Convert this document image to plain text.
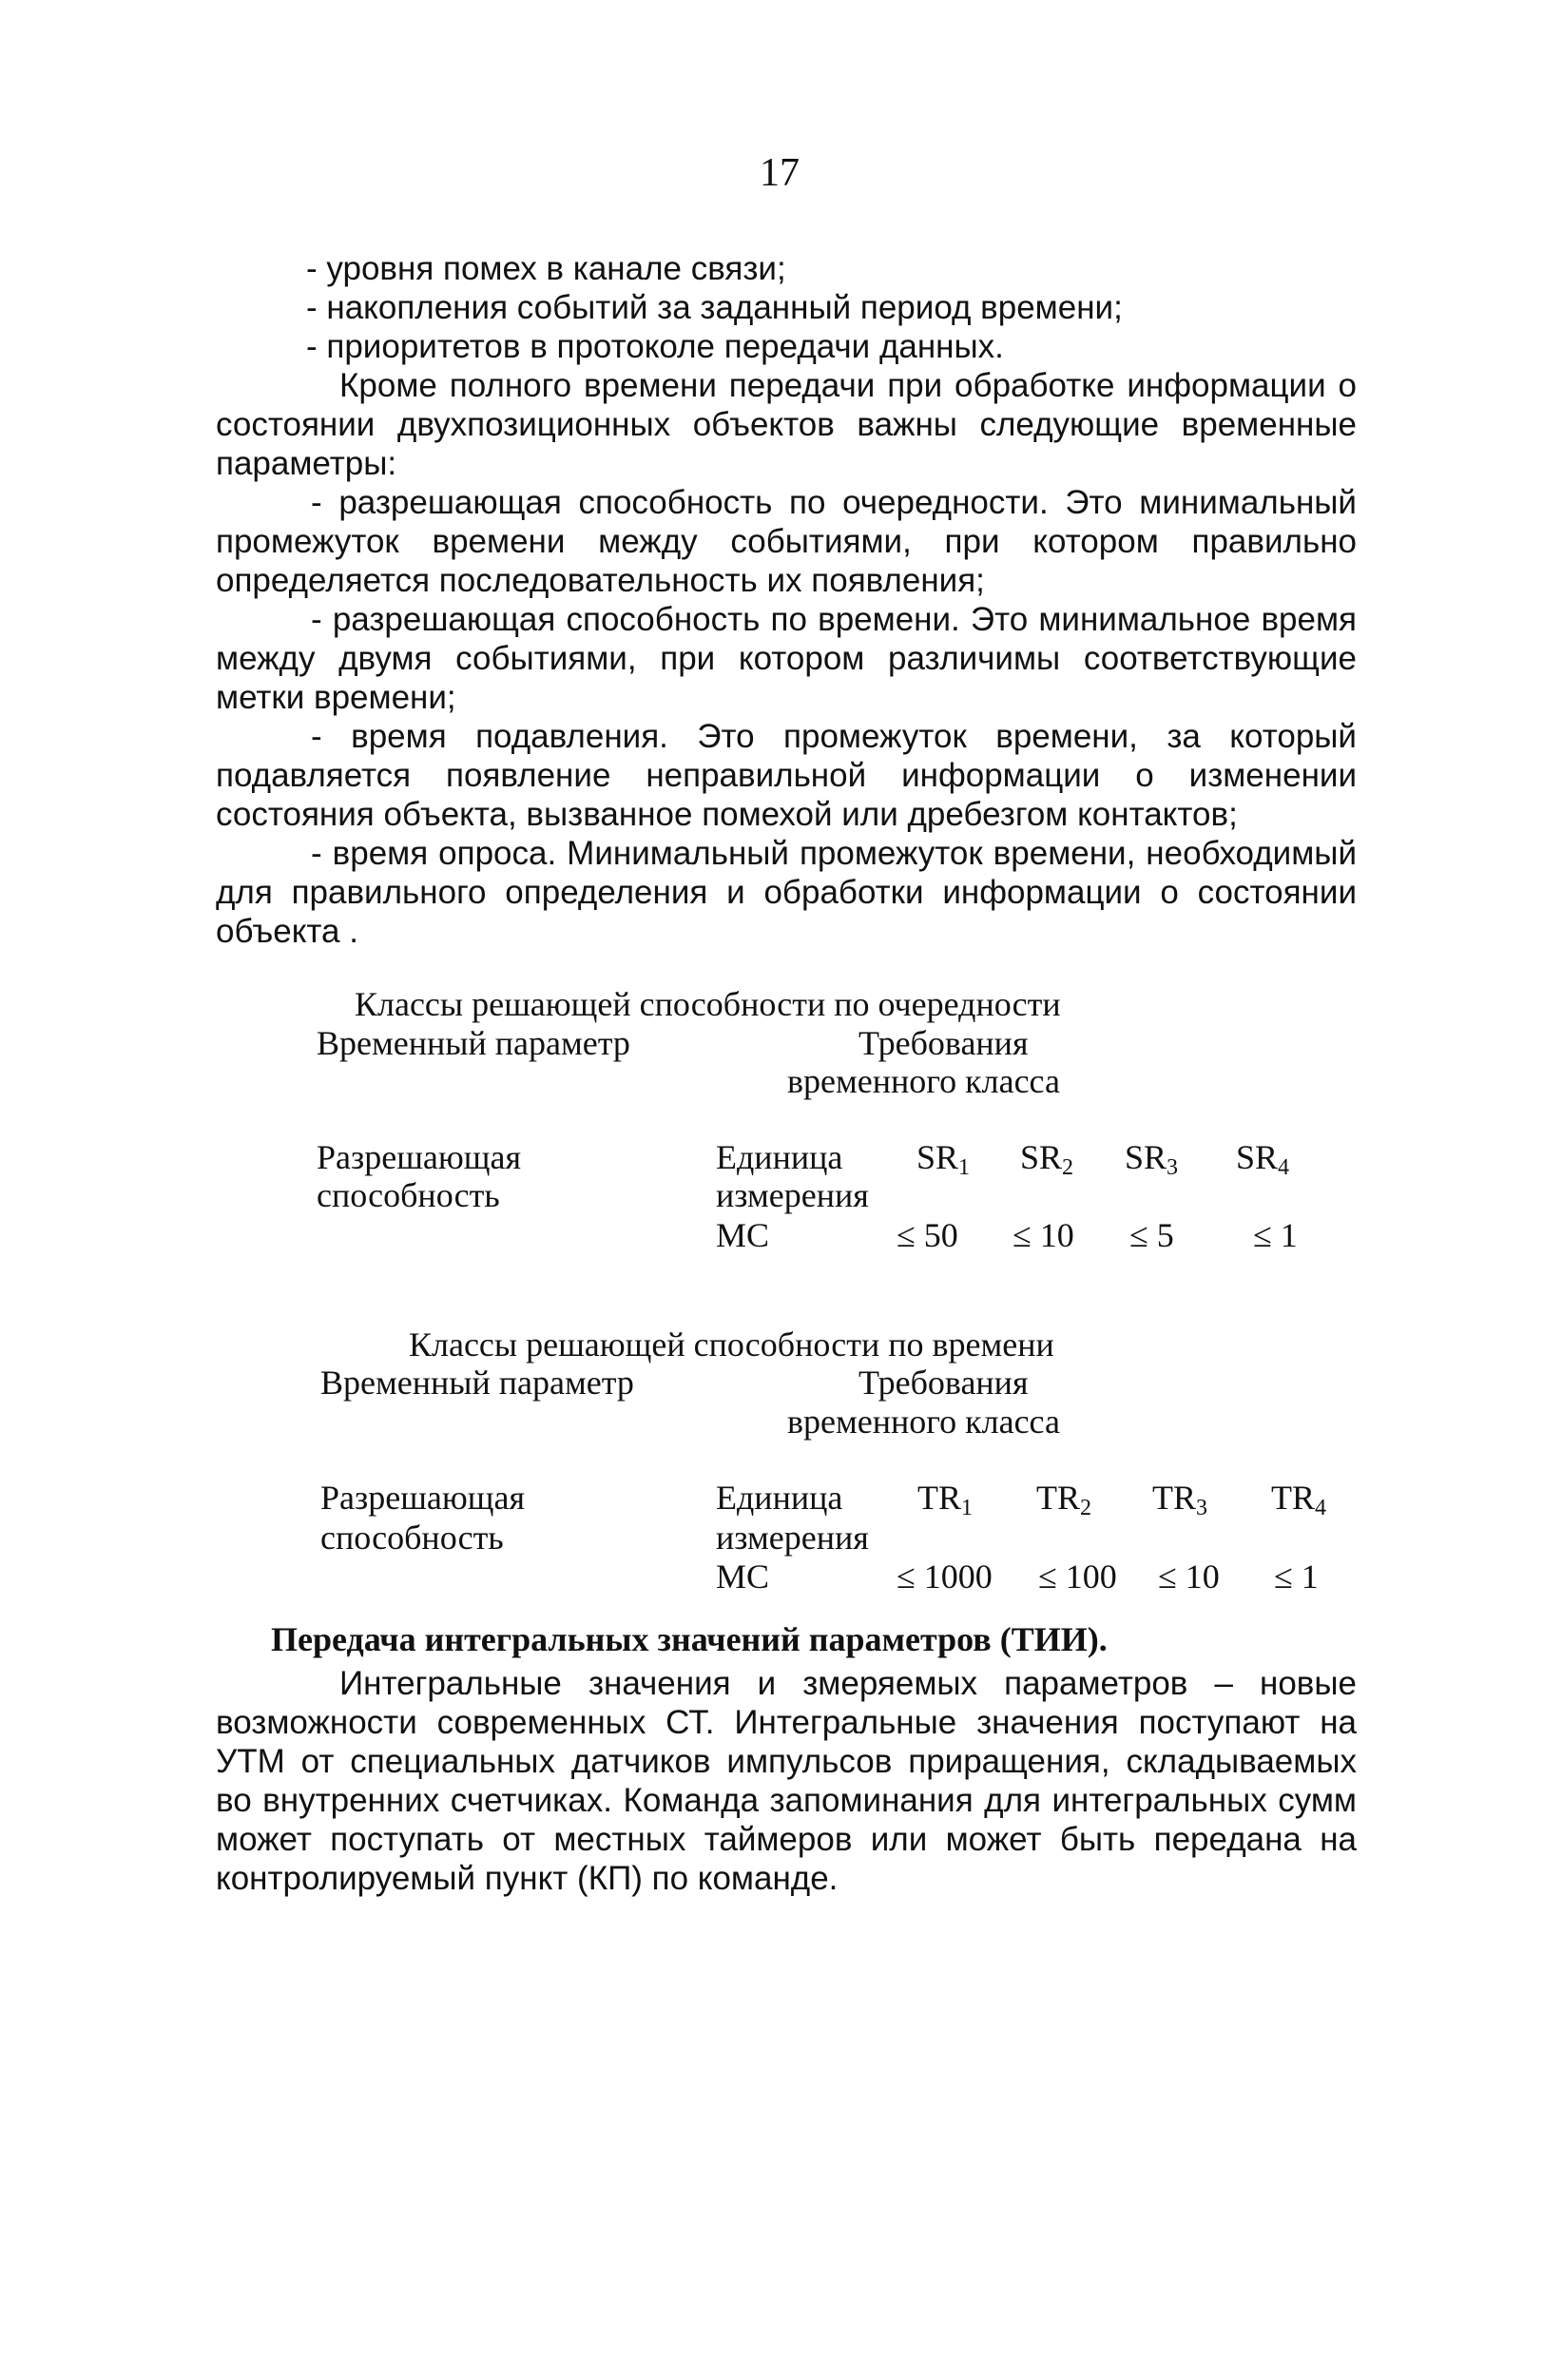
17

- уровня помех в канале связи;

- накопления событий за заданный период времени;

- приоритетов в протоколе передачи данных.

Кроме полного времени передачи при обработке информации о состоянии двухпозиционных объектов важны следующие временные параметры:

- разрешающая способность по очередности. Это минимальный промежуток времени между событиями, при котором правильно определяется последовательность их появления;

- разрешающая способность по времени. Это минимальное время между двумя событиями, при котором различимы соответствующие метки времени;

- время подавления. Это промежуток времени, за который подавляется появление неправильной информации о изменении состояния объекта, вызванное помехой или дребезгом контактов;

- время опроса. Минимальный промежуток времени, необходимый для правильного определения и обработки информации о состоянии объекта .

Классы решающей способности по очередности
Временный параметр	Требования
временного класса
Разрешающая
способность
Единица
измерения
МС
$SR_1$ $SR_2$ $SR_3$ $SR_4$
≤ 50 ≤ 10 ≤ 5 ≤ 1
Классы решающей способности по времени
Временный параметр	Требования
временного класса
Разрешающая
способность
Единица
измерения
МС
$TR_1$ $TR_2$ $TR_3$ $TR_4$
≤ 1000 ≤ 100 ≤ 10 ≤ 1
Передача интегральных значений параметров (ТИИ).

Интегральные значения и змеряемых параметров – новые возможности современных СТ. Интегральные значения поступают на УТМ от специальных датчиков импульсов приращения, складываемых во внутренних счетчиках. Команда запоминания для интегральных сумм может поступать от местных таймеров или может быть передана на контролируемый пункт (КП) по команде.
